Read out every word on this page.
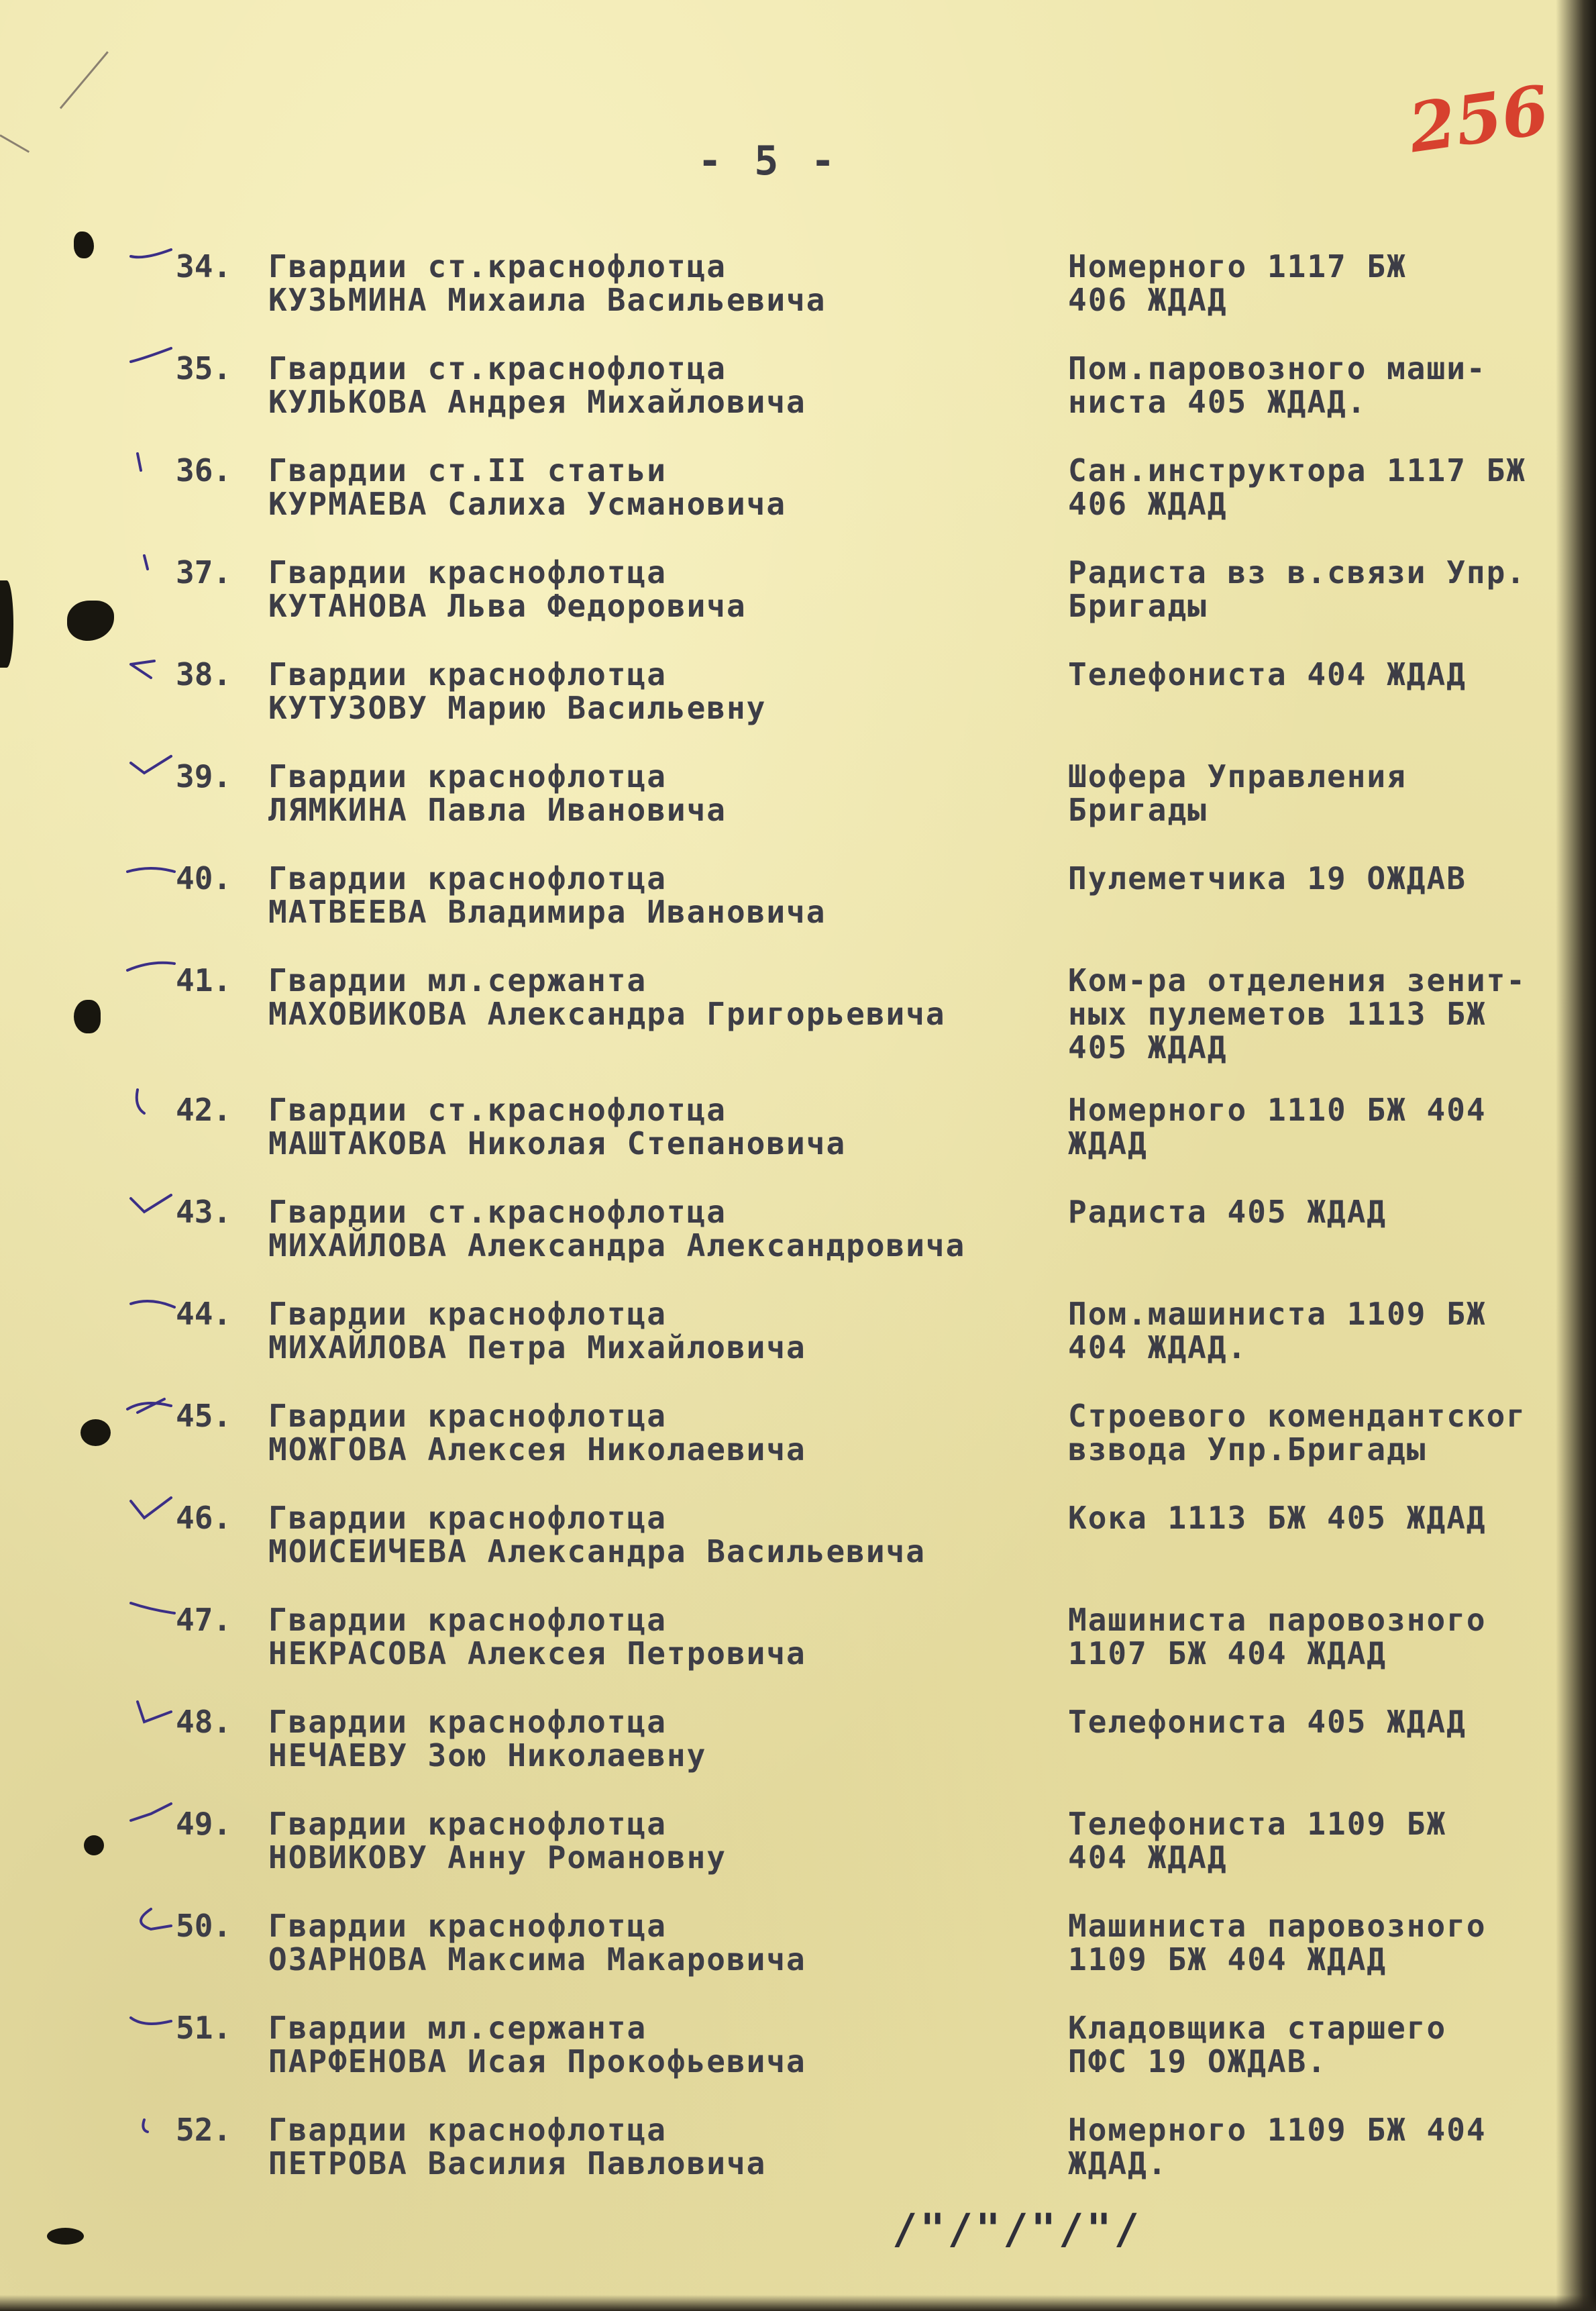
- 5 -	256
34. Гвардии ст.краснофлотца
КУЗЬМИНА Михаила Васильевича
Номерного 1117 БЖ
406 ЖДАД
35. Гвардии ст.краснофлотца
КУЛЬКОВА Андрея Михайловича
Пом.паровозного маши-
ниста 405 ЖДАД.
36. Гвардии ст.II статьи
КУРМАЕВА Салиха Усмановича
Сан.инструктора 1117 БЖ
406 ЖДАД
37. Гвардии краснофлотца
КУТАНОВА Льва Федоровича
Радиста вз в.связи Упр.
Бригады
38. Гвардии краснофлотца
КУТУЗОВУ Марию Васильевну
Телефониста 404 ЖДАД
39. Гвардии краснофлотца
ЛЯМКИНА Павла Ивановича
Шофера Управления
Бригады
40. Гвардии краснофлотца
МАТВЕЕВА Владимира Ивановича
Пулеметчика 19 ОЖДАВ
41. Гвардии мл.сержанта
МАХОВИКОВА Александра Григорьевича
Ком-ра отделения зенит-
ных пулеметов 1113 БЖ
405 ЖДАД
42. Гвардии ст.краснофлотца
МАШТАКОВА Николая Степановича
Номерного 1110 БЖ 404
ЖДАД
43. Гвардии ст.краснофлотца
МИХАЙЛОВА Александра Александровича
Радиста 405 ЖДАД
44. Гвардии краснофлотца
МИХАЙЛОВА Петра Михайловича
Пом.машиниста 1109 БЖ
404 ЖДАД.
45. Гвардии краснофлотца
МОЖГОВА Алексея Николаевича
Строевого комендантског
взвода Упр.Бригады
46. Гвардии краснофлотца
МОИСЕИЧЕВА Александра Васильевича
Кока 1113 БЖ 405 ЖДАД
47. Гвардии краснофлотца
НЕКРАСОВА Алексея Петровича
Машиниста паровозного
1107 БЖ 404 ЖДАД
48. Гвардии краснофлотца
НЕЧАЕВУ Зою Николаевну
Телефониста 405 ЖДАД
49. Гвардии краснофлотца
НОВИКОВУ Анну Романовну
Телефониста 1109 БЖ
404 ЖДАД
50. Гвардии краснофлотца
ОЗАРНОВА Максима Макаровича
Машиниста паровозного
1109 БЖ 404 ЖДАД
51. Гвардии мл.сержанта
ПАРФЕНОВА Исая Прокофьевича
Кладовщика старшего
ПФС 19 ОЖДАВ.
52. Гвардии краснофлотца
ПЕТРОВА Василия Павловича
Номерного 1109 БЖ 404
ЖДАД.
/"/"/"/"/
